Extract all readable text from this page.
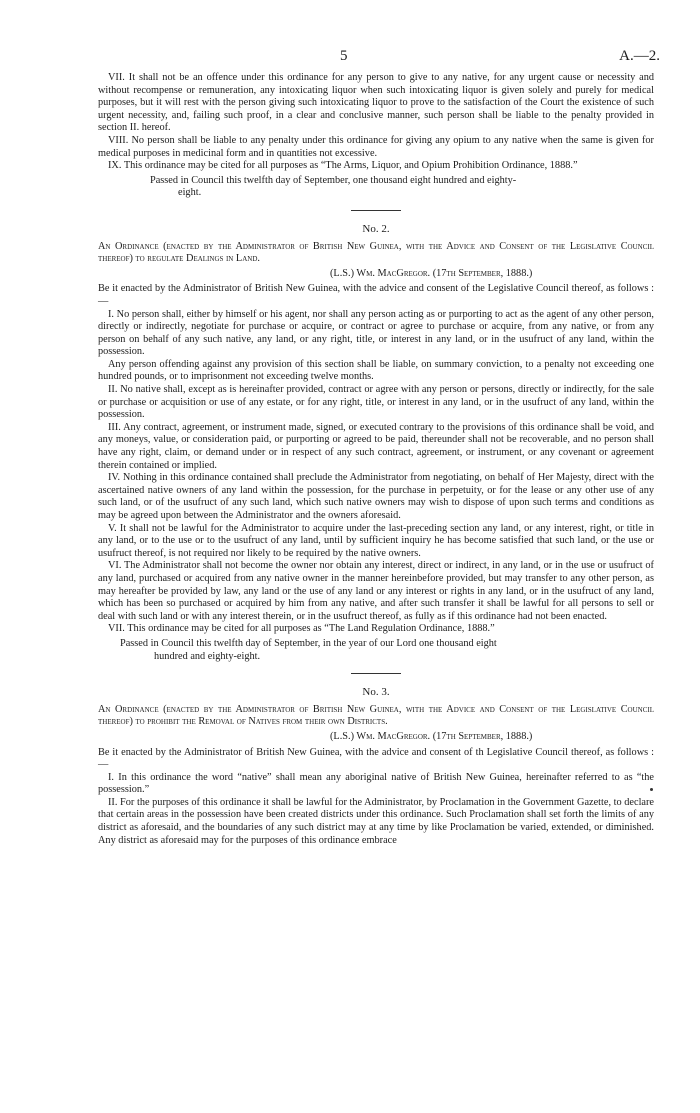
5	A.—2.

VII. It shall not be an offence under this ordinance for any person to give to any native, for any urgent cause or necessity and without recompense or remuneration, any intoxicating liquor when such intoxicating liquor is given solely and purely for medical purposes, but it will rest with the person giving such intoxicating liquor to prove to the satisfaction of the Court the existence of such urgent necessity, and, failing such proof, in a clear and conclusive manner, such person shall be liable to the penalty provided in section II. hereof.

VIII. No person shall be liable to any penalty under this ordinance for giving any opium to any native when the same is given for medical purposes in medicinal form and in quantities not excessive.

IX. This ordinance may be cited for all purposes as “The Arms, Liquor, and Opium Prohibition Ordinance, 1888.”

Passed in Council this twelfth day of September, one thousand eight hundred and eighty-
eight.

No. 2.

An Ordinance (enacted by the Administrator of British New Guinea, with the Advice and Consent of the Legislative Council thereof) to regulate Dealings in Land.

(L.S.) Wm. MacGregor. (17th September, 1888.)

Be it enacted by the Administrator of British New Guinea, with the advice and consent of the Legislative Council thereof, as follows :—

I. No person shall, either by himself or his agent, nor shall any person acting as or purporting to act as the agent of any other person, directly or indirectly, negotiate for purchase or acquire, or contract or agree to purchase or acquire, from any native, or from any person on behalf of any such native, any land, or any right, title, or interest in any land, or in the usufruct of any land, within the possession.

Any person offending against any provision of this section shall be liable, on summary conviction, to a penalty not exceeding one hundred pounds, or to imprisonment not exceeding twelve months.

II. No native shall, except as is hereinafter provided, contract or agree with any person or persons, directly or indirectly, for the sale or purchase or acquisition or use of any estate, or for any right, title, or interest in any land, or in the usufruct of any land, within the possession.

III. Any contract, agreement, or instrument made, signed, or executed contrary to the provisions of this ordinance shall be void, and any moneys, value, or consideration paid, or purporting or agreed to be paid, thereunder shall not be recoverable, and no person shall have any right, claim, or demand under or in respect of any such contract, agreement, or instrument, or any covenant or agreement therein contained or implied.

IV. Nothing in this ordinance contained shall preclude the Administrator from negotiating, on behalf of Her Majesty, direct with the ascertained native owners of any land within the possession, for the purchase in perpetuity, or for the lease or any other use of any such land, or of the usufruct of any such land, which such native owners may wish to dispose of upon such terms and conditions as may be agreed upon between the Administrator and the owners aforesaid.

V. It shall not be lawful for the Administrator to acquire under the last-preceding section any land, or any interest, right, or title in any land, or to the use or to the usufruct of any land, until by sufficient inquiry he has become satisfied that such land, or the use or usufruct thereof, is not required nor likely to be required by the native owners.

VI. The Administrator shall not become the owner nor obtain any interest, direct or indirect, in any land, or in the use or usufruct of any land, purchased or acquired from any native owner in the manner hereinbefore provided, but may transfer to any other person, as may hereafter be provided by law, any land or the use of any land or any interest or rights in any land, or in the usufruct of any land, which has been so purchased or acquired by him from any native, and after such transfer it shall be lawful for all persons to sell or deal with such land or with any interest therein, or in the usufruct thereof, as fully as if this ordinance had not been enacted.

VII. This ordinance may be cited for all purposes as “The Land Regulation Ordinance, 1888.”

Passed in Council this twelfth day of September, in the year of our Lord one thousand eight
hundred and eighty-eight.

No. 3.

An Ordinance (enacted by the Administrator of British New Guinea, with the Advice and Consent of the Legislative Council thereof) to prohibit the Removal of Natives from their own Districts.

(L.S.) Wm. MacGregor. (17th September, 1888.)

Be it enacted by the Administrator of British New Guinea, with the advice and consent of th Legislative Council thereof, as follows :—

I. In this ordinance the word “native” shall mean any aboriginal native of British New Guinea, hereinafter referred to as “the possession.”

II. For the purposes of this ordinance it shall be lawful for the Administrator, by Proclamation in the Government Gazette, to declare that certain areas in the possession have been created districts under this ordinance. Such Proclamation shall set forth the limits of any district as aforesaid, and the boundaries of any such district may at any time by like Proclamation be varied, extended, or diminished. Any district as aforesaid may for the purposes of this ordinance embrace
